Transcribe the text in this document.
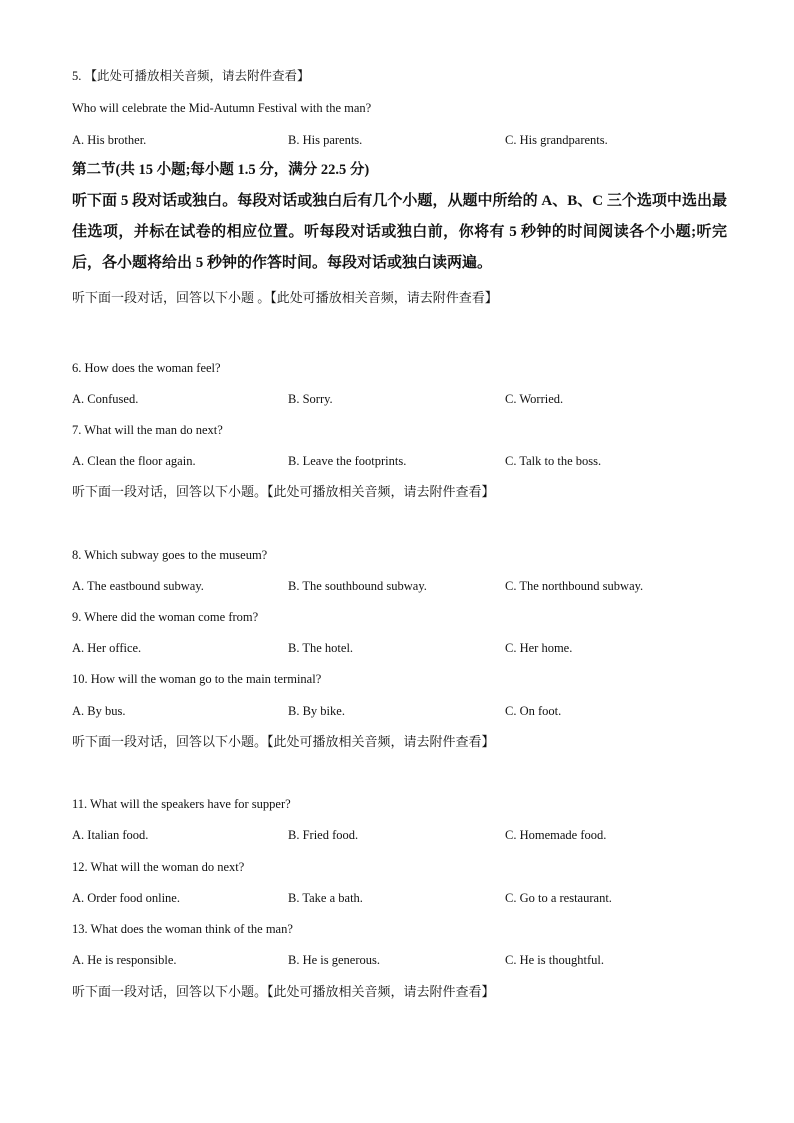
5. 【此处可播放相关音频，请去附件查看】
Who will celebrate the Mid-Autumn Festival with the man?
A. His brother.	B. His parents.	C. His grandparents.
第二节(共 15 小题;每小题 1.5 分，满分 22.5 分)
听下面 5 段对话或独白。每段对话或独白后有几个小题，从题中所给的 A、B、C 三个选项中选出最佳选项，并标在试卷的相应位置。听每段对话或独白前，你将有 5 秒钟的时间阅读各个小题;听完后，各小题将给出 5 秒钟的作答时间。每段对话或独白读两遍。
听下面一段对话，回答以下小题 。【此处可播放相关音频，请去附件查看】
6. How does the woman feel?
A. Confused.	B. Sorry.	C. Worried.
7. What will the man do next?
A. Clean the floor again.	B. Leave the footprints.	C. Talk to the boss.
听下面一段对话，回答以下小题。【此处可播放相关音频，请去附件查看】
8. Which subway goes to the museum?
A. The eastbound subway.	B. The southbound subway.	C. The northbound subway.
9. Where did the woman come from?
A. Her office.	B. The hotel.	C. Her home.
10. How will the woman go to the main terminal?
A. By bus.	B. By bike.	C. On foot.
听下面一段对话，回答以下小题。【此处可播放相关音频，请去附件查看】
11. What will the speakers have for supper?
A. Italian food.	B. Fried food.	C. Homemade food.
12. What will the woman do next?
A. Order food online.	B. Take a bath.	C. Go to a restaurant.
13. What does the woman think of the man?
A. He is responsible.	B. He is generous.	C. He is thoughtful.
听下面一段对话，回答以下小题。【此处可播放相关音频，请去附件查看】
